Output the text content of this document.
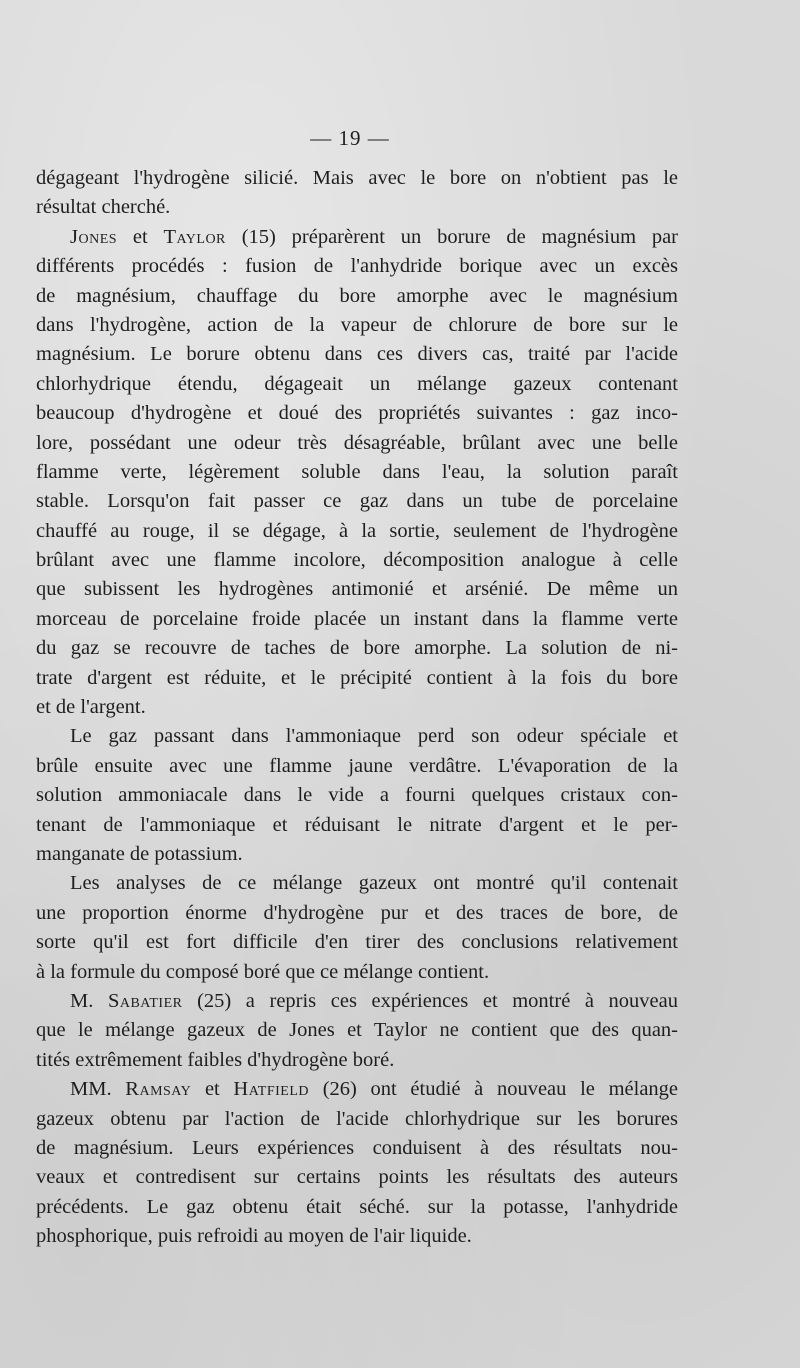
— 19 —
dégageant l'hydrogène silicié. Mais avec le bore on n'obtient pas le
résultat cherché.
Jones et Taylor (15) préparèrent un borure de magnésium par
différents procédés : fusion de l'anhydride borique avec un excès
de magnésium, chauffage du bore amorphe avec le magnésium
dans l'hydrogène, action de la vapeur de chlorure de bore sur le
magnésium. Le borure obtenu dans ces divers cas, traité par l'acide
chlorhydrique étendu, dégageait un mélange gazeux contenant
beaucoup d'hydrogène et doué des propriétés suivantes : gaz inco-
lore, possédant une odeur très désagréable, brûlant avec une belle
flamme verte, légèrement soluble dans l'eau, la solution paraît
stable. Lorsqu'on fait passer ce gaz dans un tube de porcelaine
chauffé au rouge, il se dégage, à la sortie, seulement de l'hydrogène
brûlant avec une flamme incolore, décomposition analogue à celle
que subissent les hydrogènes antimonié et arsénié. De même un
morceau de porcelaine froide placée un instant dans la flamme verte
du gaz se recouvre de taches de bore amorphe. La solution de ni-
trate d'argent est réduite, et le précipité contient à la fois du bore
et de l'argent.
Le gaz passant dans l'ammoniaque perd son odeur spéciale et
brûle ensuite avec une flamme jaune verdâtre. L'évaporation de la
solution ammoniacale dans le vide a fourni quelques cristaux con-
tenant de l'ammoniaque et réduisant le nitrate d'argent et le per-
manganate de potassium.
Les analyses de ce mélange gazeux ont montré qu'il contenait
une proportion énorme d'hydrogène pur et des traces de bore, de
sorte qu'il est fort difficile d'en tirer des conclusions relativement
à la formule du composé boré que ce mélange contient.
M. Sabatier (25) a repris ces expériences et montré à nouveau
que le mélange gazeux de Jones et Taylor ne contient que des quan-
tités extrêmement faibles d'hydrogène boré.
MM. Ramsay et Hatfield (26) ont étudié à nouveau le mélange
gazeux obtenu par l'action de l'acide chlorhydrique sur les borures
de magnésium. Leurs expériences conduisent à des résultats nou-
veaux et contredisent sur certains points les résultats des auteurs
précédents. Le gaz obtenu était séché. sur la potasse, l'anhydride
phosphorique, puis refroidi au moyen de l'air liquide.
